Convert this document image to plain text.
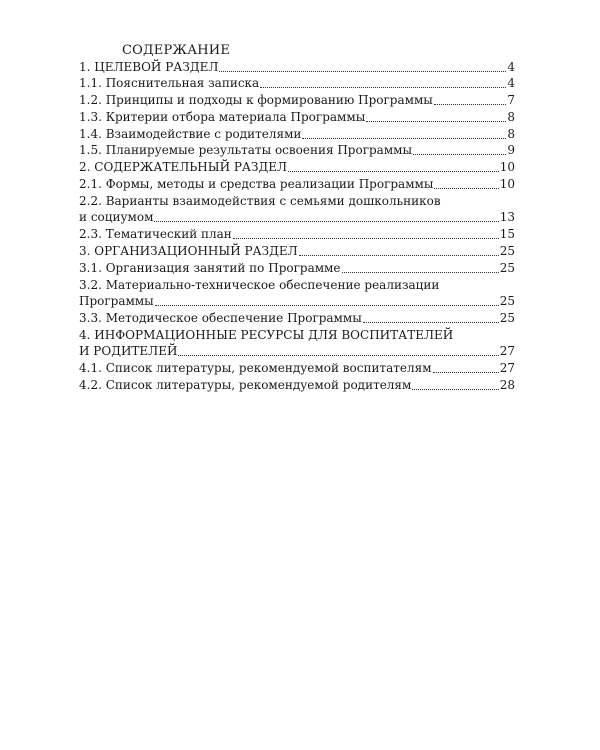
СОДЕРЖАНИЕ
1. ЦЕЛЕВОЙ РАЗДЕЛ	4
1.1. Пояснительная записка	4
1.2. Принципы и подходы к формированию Программы	7
1.3. Критерии отбора материала Программы	8
1.4. Взаимодействие с родителями	8
1.5. Планируемые результаты освоения Программы	9
2. СОДЕРЖАТЕЛЬНЫЙ РАЗДЕЛ	10
2.1. Формы, методы и средства реализации Программы	10
2.2. Варианты взаимодействия с семьями дошкольников
и социумом	13
2.3. Тематический план	15
3. ОРГАНИЗАЦИОННЫЙ РАЗДЕЛ	25
3.1. Организация занятий по Программе	25
3.2. Материально-техническое обеспечение реализации
Программы	25
3.3. Методическое обеспечение Программы	25
4. ИНФОРМАЦИОННЫЕ РЕСУРСЫ ДЛЯ ВОСПИТАТЕЛЕЙ
И РОДИТЕЛЕЙ	27
4.1. Список литературы, рекомендуемой воспитателям	27
4.2. Список литературы, рекомендуемой родителям	28
